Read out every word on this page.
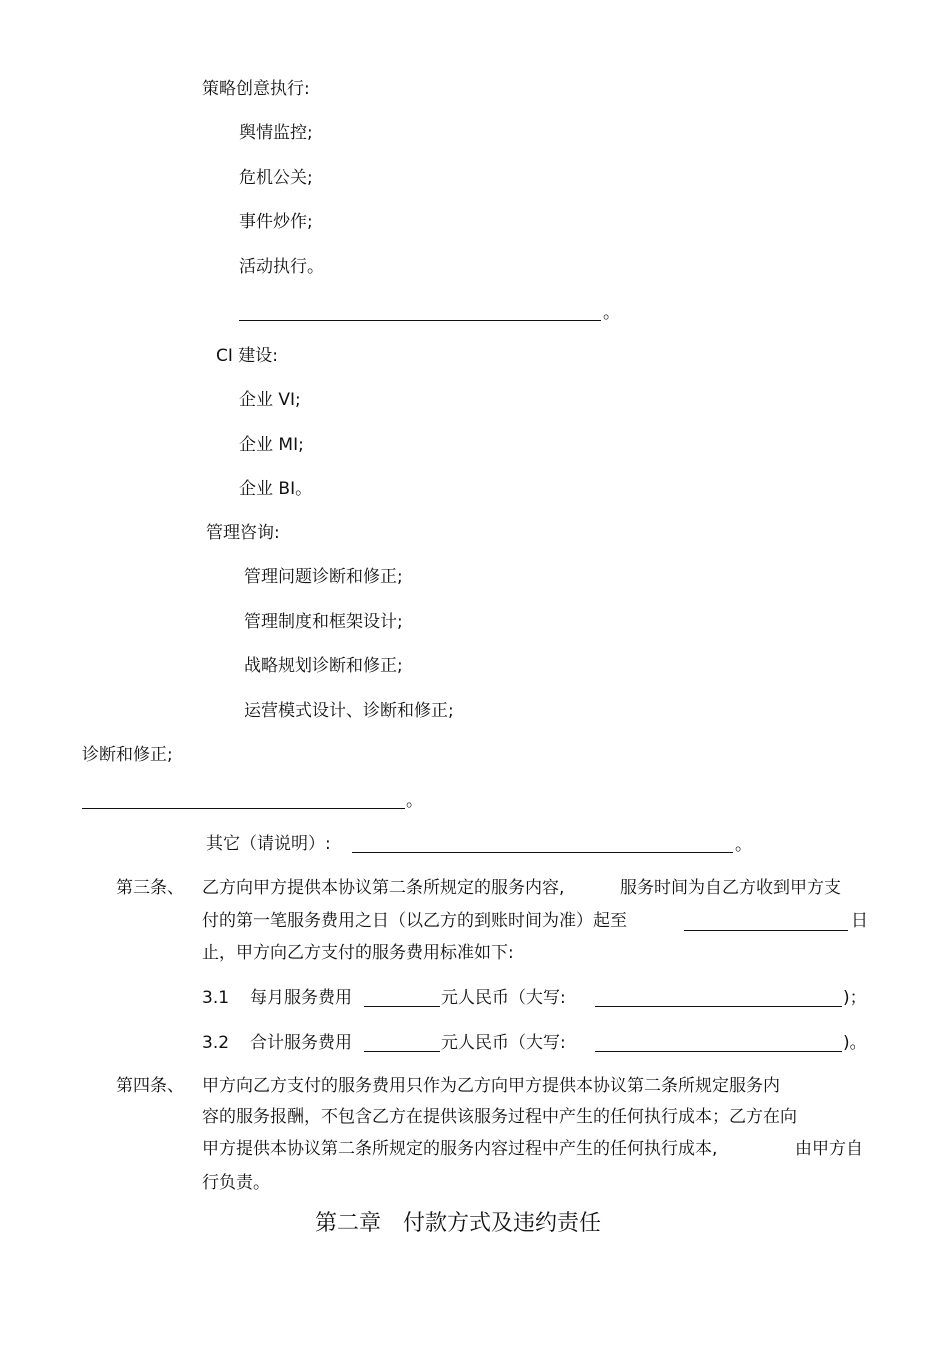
策略创意执行:
舆情监控;
危机公关;
事件炒作;
活动执行。
。
CI 建设:
企业 VI;
企业 MI;
企业 BI。
管理咨询:
管理问题诊断和修正;
管理制度和框架设计;
战略规划诊断和修正;
运营模式设计、诊断和修正;
诊断和修正;
。
其它（请说明）:	。
第三条、 乙方向甲方提供本协议第二条所规定的服务内容,	服务时间为自乙方收到甲方支
付的第一笔服务费用之日（以乙方的到账时间为准）起至	日
止，甲方向乙方支付的服务费用标准如下:
3.1 每月服务费用	元人民币（大写:	)；
3.2 合计服务费用	元人民币（大写:	)。
第四条、 甲方向乙方支付的服务费用只作为乙方向甲方提供本协议第二条所规定服务内
容的服务报酬，不包含乙方在提供该服务过程中产生的任何执行成本；乙方在向
甲方提供本协议第二条所规定的服务内容过程中产生的任何执行成本,	由甲方自
行负责。
第二章　付款方式及违约责任
